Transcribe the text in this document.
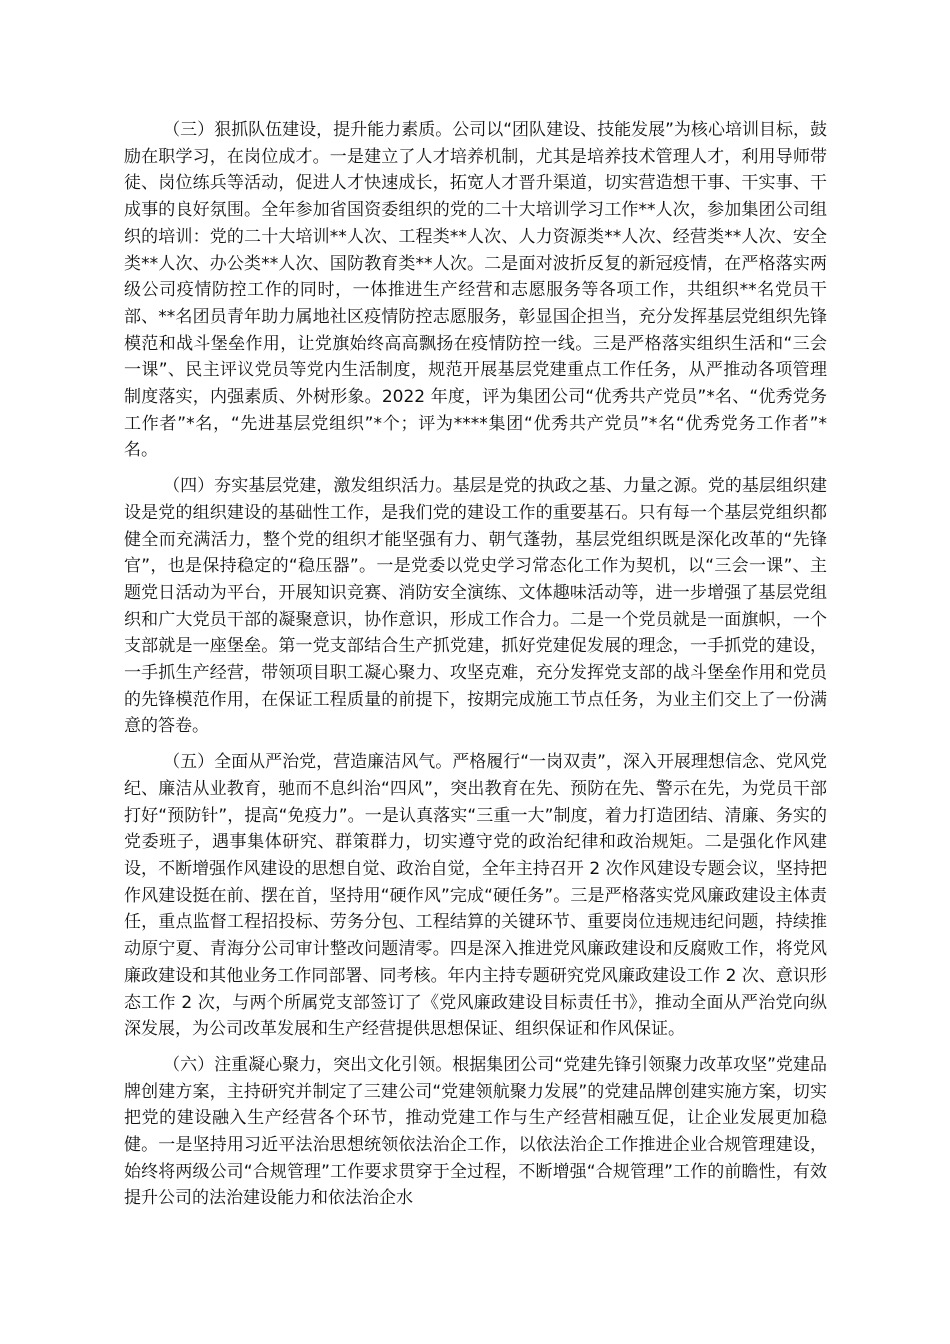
（三）狠抓队伍建设，提升能力素质。公司以“团队建设、技能发展”为核心培训目标，鼓励在职学习，在岗位成才。一是建立了人才培养机制，尤其是培养技术管理人才，利用导师带徒、岗位练兵等活动，促进人才快速成长，拓宽人才晋升渠道，切实营造想干事、干实事、干成事的良好氛围。全年参加省国资委组织的党的二十大培训学习工作**人次，参加集团公司组织的培训：党的二十大培训**人次、工程类**人次、人力资源类**人次、经营类**人次、安全类**人次、办公类**人次、国防教育类**人次。二是面对波折反复的新冠疫情，在严格落实两级公司疫情防控工作的同时，一体推进生产经营和志愿服务等各项工作，共组织**名党员干部、**名团员青年助力属地社区疫情防控志愿服务，彰显国企担当，充分发挥基层党组织先锋模范和战斗堡垒作用，让党旗始终高高飘扬在疫情防控一线。三是严格落实组织生活和“三会一课”、民主评议党员等党内生活制度，规范开展基层党建重点工作任务，从严推动各项管理制度落实，内强素质、外树形象。2022 年度，评为集团公司“优秀共产党员”*名、“优秀党务工作者”*名，“先进基层党组织”*个；评为****集团“优秀共产党员”*名“优秀党务工作者”*名。

（四）夯实基层党建，激发组织活力。基层是党的执政之基、力量之源。党的基层组织建设是党的组织建设的基础性工作，是我们党的建设工作的重要基石。只有每一个基层党组织都健全而充满活力，整个党的组织才能坚强有力、朝气蓬勃，基层党组织既是深化改革的“先锋官”，也是保持稳定的“稳压器”。一是党委以党史学习常态化工作为契机，以“三会一课”、主题党日活动为平台，开展知识竞赛、消防安全演练、文体趣味活动等，进一步增强了基层党组织和广大党员干部的凝聚意识，协作意识，形成工作合力。二是一个党员就是一面旗帜，一个支部就是一座堡垒。第一党支部结合生产抓党建，抓好党建促发展的理念，一手抓党的建设，一手抓生产经营，带领项目职工凝心聚力、攻坚克难，充分发挥党支部的战斗堡垒作用和党员的先锋模范作用，在保证工程质量的前提下，按期完成施工节点任务，为业主们交上了一份满意的答卷。

（五）全面从严治党，营造廉洁风气。严格履行“一岗双责”，深入开展理想信念、党风党纪、廉洁从业教育，驰而不息纠治“四风”，突出教育在先、预防在先、警示在先，为党员干部打好“预防针”，提高“免疫力”。一是认真落实“三重一大”制度，着力打造团结、清廉、务实的党委班子，遇事集体研究、群策群力，切实遵守党的政治纪律和政治规矩。二是强化作风建设，不断增强作风建设的思想自觉、政治自觉，全年主持召开 2 次作风建设专题会议，坚持把作风建设挺在前、摆在首，坚持用“硬作风”完成“硬任务”。三是严格落实党风廉政建设主体责任，重点监督工程招投标、劳务分包、工程结算的关键环节、重要岗位违规违纪问题，持续推动原宁夏、青海分公司审计整改问题清零。四是深入推进党风廉政建设和反腐败工作，将党风廉政建设和其他业务工作同部署、同考核。年内主持专题研究党风廉政建设工作 2 次、意识形态工作 2 次，与两个所属党支部签订了《党风廉政建设目标责任书》，推动全面从严治党向纵深发展，为公司改革发展和生产经营提供思想保证、组织保证和作风保证。

（六）注重凝心聚力，突出文化引领。根据集团公司“党建先锋引领聚力改革攻坚”党建品牌创建方案，主持研究并制定了三建公司“党建领航聚力发展”的党建品牌创建实施方案，切实把党的建设融入生产经营各个环节，推动党建工作与生产经营相融互促，让企业发展更加稳健。一是坚持用习近平法治思想统领依法治企工作，以依法治企工作推进企业合规管理建设，始终将两级公司“合规管理”工作要求贯穿于全过程，不断增强“合规管理”工作的前瞻性，有效提升公司的法治建设能力和依法治企水
